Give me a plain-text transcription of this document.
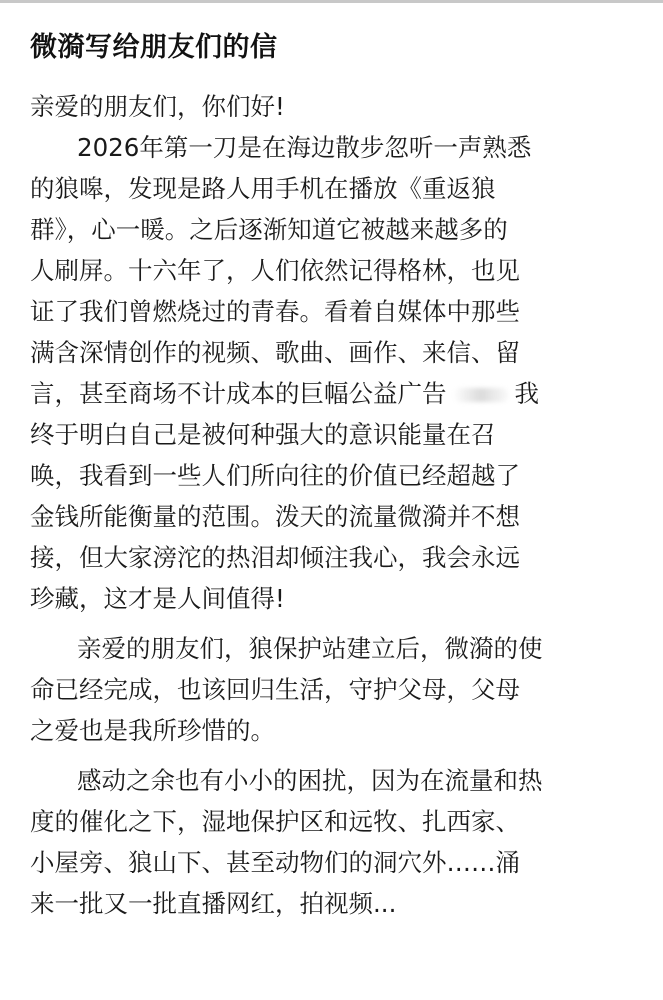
微漪写给朋友们的信
亲爱的朋友们，你们好!
2026年第一刀是在海边散步忽听一声熟悉
的狼嗥，发现是路人用手机在播放《重返狼
群》，心一暖。之后逐渐知道它被越来越多的
人刷屏。十六年了，人们依然记得格林，也见
证了我们曾燃烧过的青春。看着自媒体中那些
满含深情创作的视频、歌曲、画作、来信、留
言，甚至商场不计成本的巨幅公益广告	我
终于明白自己是被何种强大的意识能量在召
唤，我看到一些人们所向往的价值已经超越了
金钱所能衡量的范围。泼天的流量微漪并不想
接，但大家滂沱的热泪却倾注我心，我会永远
珍藏，这才是人间值得!
亲爱的朋友们，狼保护站建立后，微漪的使
命已经完成，也该回归生活，守护父母，父母
之爱也是我所珍惜的。
感动之余也有小小的困扰，因为在流量和热
度的催化之下，湿地保护区和远牧、扎西家、
小屋旁、狼山下、甚至动物们的洞穴外……涌
来一批又一批直播网红，拍视频...
